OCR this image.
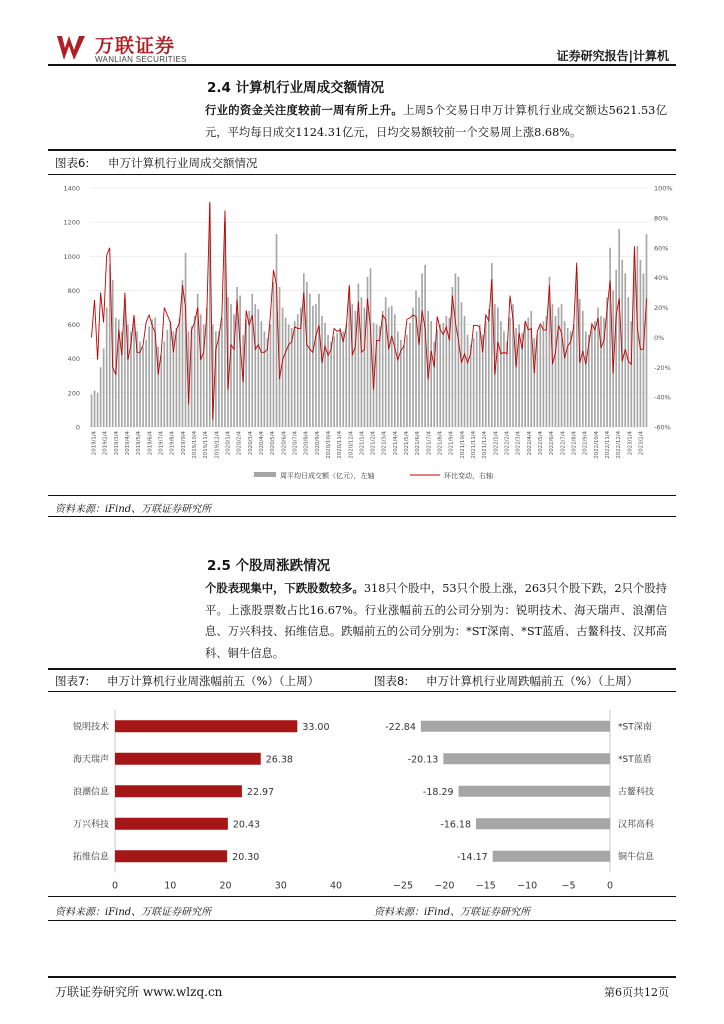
万联证券
WANLIAN SECURITIES	证券研究报告|计算机
2.4 计算机行业周成交额情况
行业的资金关注度较前一周有所上升。上周5个交易日申万计算机行业成交额达5621.53亿元，平均每日成交1124.31亿元，日均交易额较前一个交易周上涨8.68%。
图表6: 申万计算机行业周成交额情况
0
200
400
600
800
1000
1200
1400
-60%
-40%
-20%
0%
20%
40%
60%
80%
100%
2019/1/4 2019/2/4 2019/3/4 2019/4/4 2019/5/4 2019/6/4 2019/7/4 2019/8/4 2019/9/4 2019/10/4 2019/11/4 2019/12/4 2020/1/4 2020/2/4 2020/3/4 2020/4/4 2020/5/4 2020/6/4 2020/7/4 2020/8/4 2020/9/4 2020/10/4 2020/11/4 2020/12/4 2021/1/4 2021/2/4 2021/3/4 2021/4/4 2021/5/4 2021/6/4 2021/7/4 2021/8/4 2021/9/4 2021/10/4 2021/11/4 2021/12/4 2022/1/4 2022/2/4 2022/3/4 2022/4/4 2022/5/4 2022/6/4 2022/7/4 2022/8/4 2022/9/4 2022/10/4 2022/11/4 2022/12/4 2023/1/4 2023/2/4
周平均日成交额（亿元），左轴	环比变动，右轴
资料来源：iFind、万联证券研究所
2.5 个股周涨跌情况
个股表现集中，下跌股数较多。318只个股中，53只个股上涨，263只个股下跌，2只个股持平。上涨股票数占比16.67%。行业涨幅前五的公司分别为：锐明技术、海天瑞声、浪潮信息、万兴科技、拓维信息。跌幅前五的公司分别为：*ST深南、*ST蓝盾、古鳌科技、汉邦高科、铜牛信息。
图表7: 申万计算机行业周涨幅前五（%）（上周）	图表8: 申万计算机行业周跌幅前五（%）（上周）
锐明技术	33.00
海天瑞声	26.38
浪潮信息	22.97
万兴科技	20.43
拓维信息	20.30
0	10	20	30	40
-22.84	*ST深南
-20.13	*ST蓝盾
-18.29	古鳌科技
-16.18	汉邦高科
-14.17	铜牛信息
−25 −20 −15 −10	−5	0
资料来源：iFind、万联证券研究所	资料来源：iFind、万联证券研究所
万联证券研究所 www.wlzq.cn	第6页共12页
